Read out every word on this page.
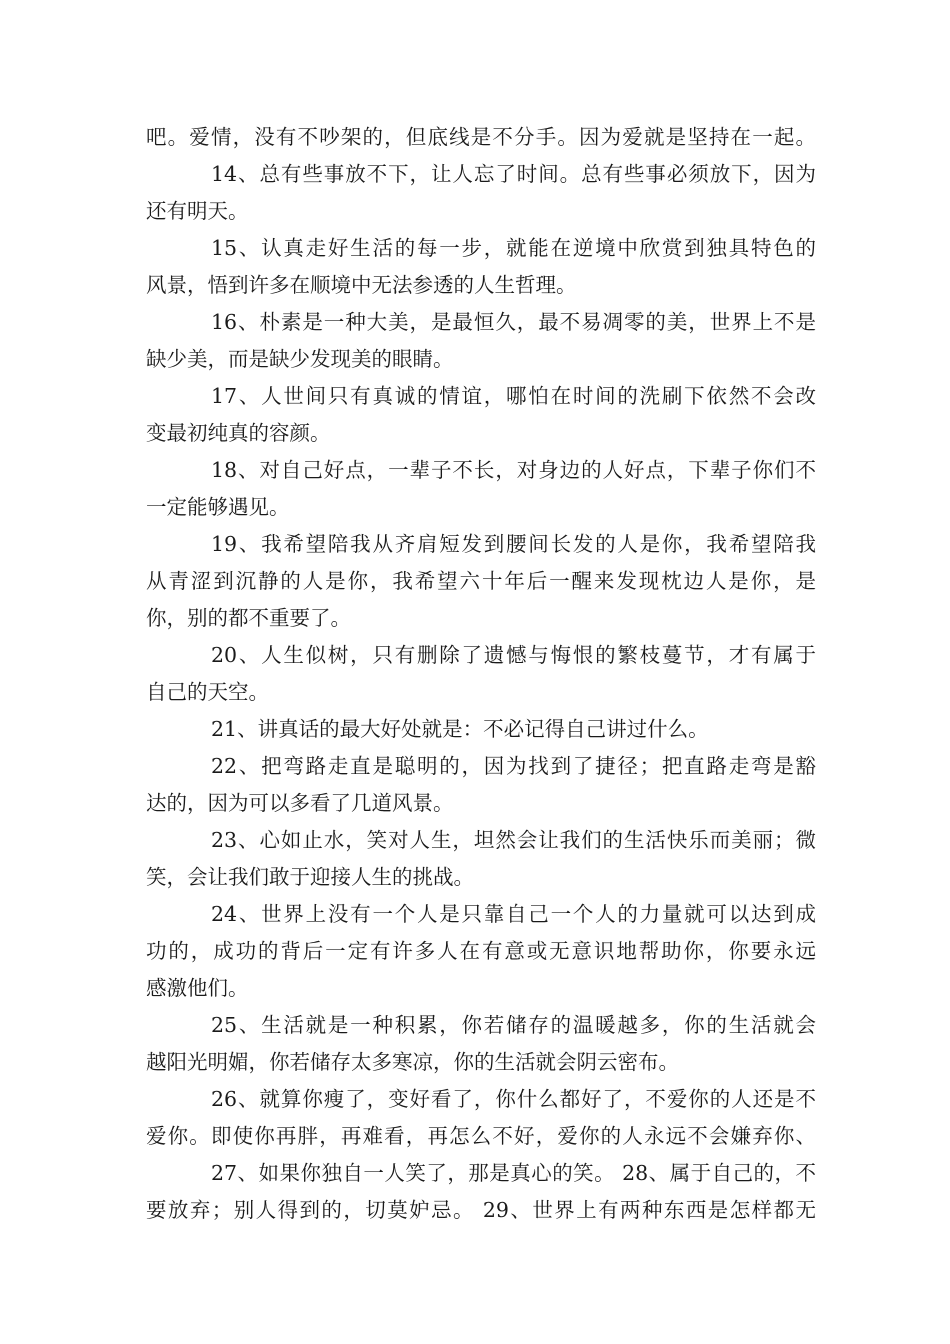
吧。爱情，没有不吵架的，但底线是不分手。因为爱就是坚持在一起。
14、总有些事放不下，让人忘了时间。总有些事必须放下，因为
还有明天。
15、认真走好生活的每一步，就能在逆境中欣赏到独具特色的
风景，悟到许多在顺境中无法参透的人生哲理。
16、朴素是一种大美，是最恒久，最不易凋零的美，世界上不是
缺少美，而是缺少发现美的眼睛。
17、人世间只有真诚的情谊，哪怕在时间的洗刷下依然不会改
变最初纯真的容颜。
18、对自己好点，一辈子不长，对身边的人好点，下辈子你们不
一定能够遇见。
19、我希望陪我从齐肩短发到腰间长发的人是你，我希望陪我
从青涩到沉静的人是你，我希望六十年后一醒来发现枕边人是你，是
你，别的都不重要了。
20、人生似树，只有删除了遗憾与悔恨的繁枝蔓节，才有属于
自己的天空。
21、讲真话的最大好处就是：不必记得自己讲过什么。
22、把弯路走直是聪明的，因为找到了捷径；把直路走弯是豁
达的，因为可以多看了几道风景。
23、心如止水，笑对人生，坦然会让我们的生活快乐而美丽；微
笑，会让我们敢于迎接人生的挑战。
24、世界上没有一个人是只靠自己一个人的力量就可以达到成
功的，成功的背后一定有许多人在有意或无意识地帮助你，你要永远
感激他们。
25、生活就是一种积累，你若储存的温暖越多，你的生活就会
越阳光明媚，你若储存太多寒凉，你的生活就会阴云密布。
26、就算你瘦了，变好看了，你什么都好了，不爱你的人还是不
爱你。即使你再胖，再难看，再怎么不好，爱你的人永远不会嫌弃你、
27、如果你独自一人笑了，那是真心的笑。 28、属于自己的，不
要放弃；别人得到的，切莫妒忌。 29、世界上有两种东西是怎样都无
